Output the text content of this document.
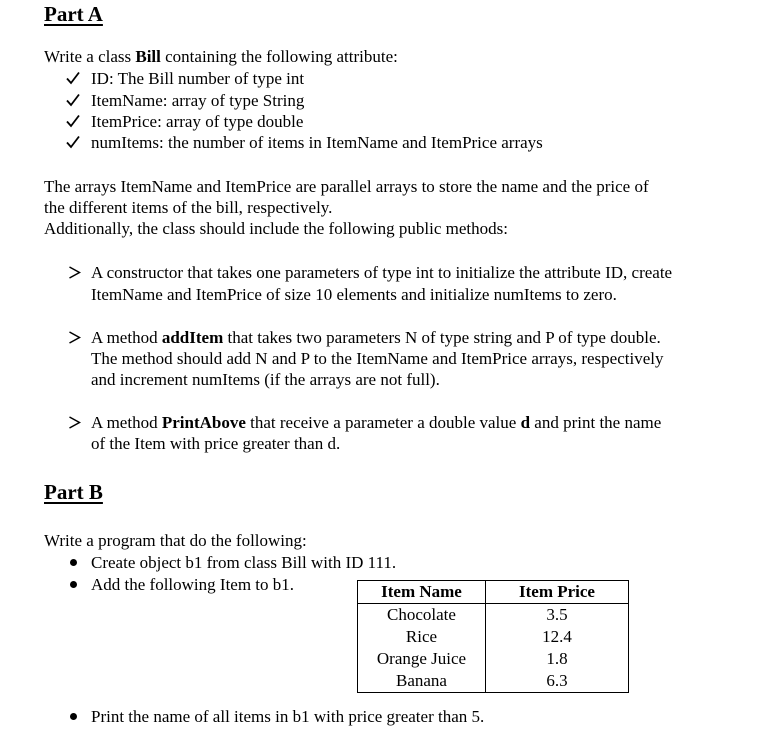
Part A
Write a class Bill containing the following attribute:
ID: The Bill number of type int
ItemName: array of type String
ItemPrice: array of type double
numItems: the number of items in ItemName and ItemPrice arrays
The arrays ItemName and ItemPrice are parallel arrays to store the name and the price of
the different items of the bill, respectively.
Additionally, the class should include the following public methods:
A constructor that takes one parameters of type int to initialize the attribute ID, create
ItemName and ItemPrice of size 10 elements and initialize numItems to zero.
A method addItem that takes two parameters N of type string and P of type double.
The method should add N and P to the ItemName and ItemPrice arrays, respectively
and increment numItems (if the arrays are not full).
A method PrintAbove that receive a parameter a double value d and print the name
of the Item with price greater than d.
Part B
Write a program that do the following:
Create object b1 from class Bill with ID 111.
Add the following Item to b1.	Item Name	Item Price
Chocolate	3.5
Rice	12.4
Orange Juice	1.8
Banana	6.3
Print the name of all items in b1 with price greater than 5.
